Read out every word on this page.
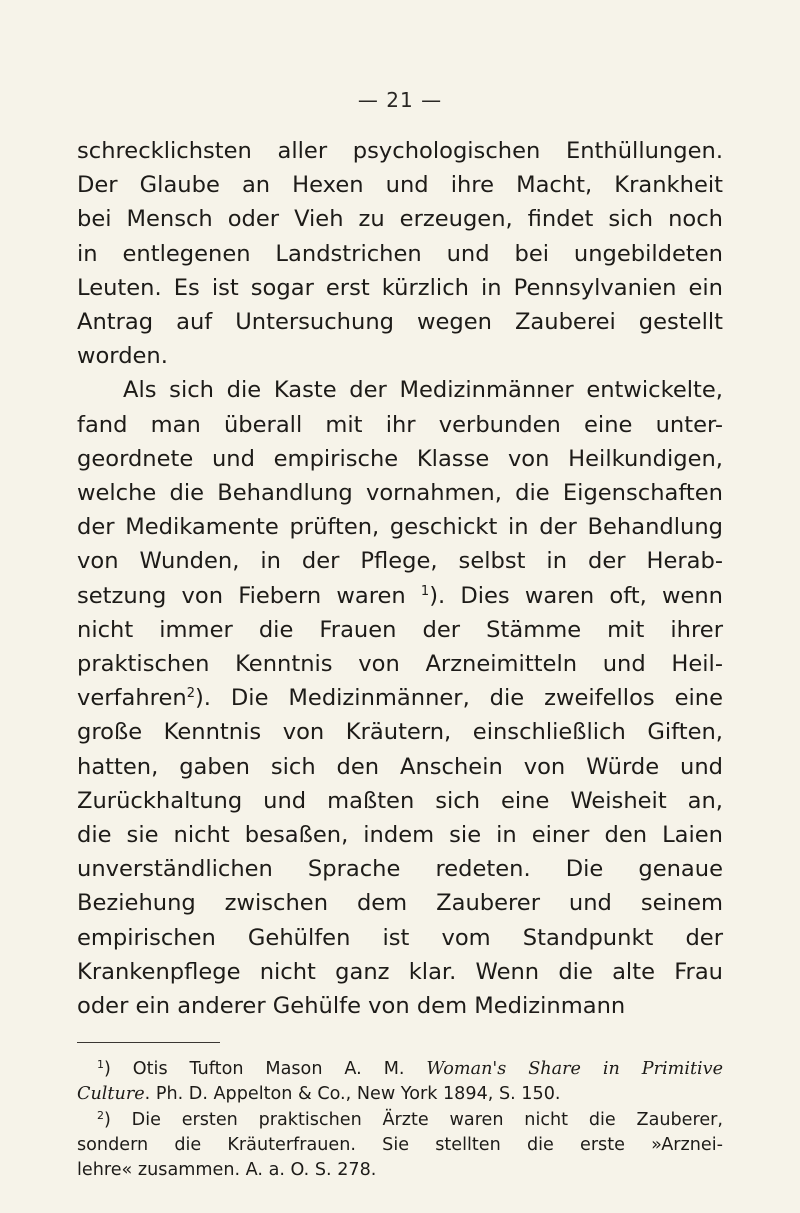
— 21 —
schrecklichsten aller psychologischen Enthüllungen.
Der Glaube an Hexen und ihre Macht, Krankheit
bei Mensch oder Vieh zu erzeugen, findet sich noch
in entlegenen Landstrichen und bei ungebildeten
Leuten. Es ist sogar erst kürzlich in Pennsylvanien ein
Antrag auf Untersuchung wegen Zauberei gestellt
worden.
Als sich die Kaste der Medizinmänner entwickelte,
fand man überall mit ihr verbunden eine unter-
geordnete und empirische Klasse von Heilkundigen,
welche die Behandlung vornahmen, die Eigenschaften
der Medikamente prüften, geschickt in der Behandlung
von Wunden, in der Pflege, selbst in der Herab-
setzung von Fiebern waren $^1$). Dies waren oft, wenn
nicht immer die Frauen der Stämme mit ihrer
praktischen Kenntnis von Arzneimitteln und Heil-
verfahren$^2$). Die Medizinmänner, die zweifellos eine
große Kenntnis von Kräutern, einschließlich Giften,
hatten, gaben sich den Anschein von Würde und
Zurückhaltung und maßten sich eine Weisheit an,
die sie nicht besaßen, indem sie in einer den Laien
unverständlichen Sprache redeten. Die genaue
Beziehung zwischen dem Zauberer und seinem
empirischen Gehülfen ist vom Standpunkt der
Krankenpflege nicht ganz klar. Wenn die alte Frau
oder ein anderer Gehülfe von dem Medizinmann
$^1$) Otis Tufton Mason A. M. Woman's Share in Primitive
Culture. Ph. D. Appelton & Co., New York 1894, S. 150.
$^2$) Die ersten praktischen Ärzte waren nicht die Zauberer,
sondern die Kräuterfrauen. Sie stellten die erste »Arznei-
lehre« zusammen. A. a. O. S. 278.
